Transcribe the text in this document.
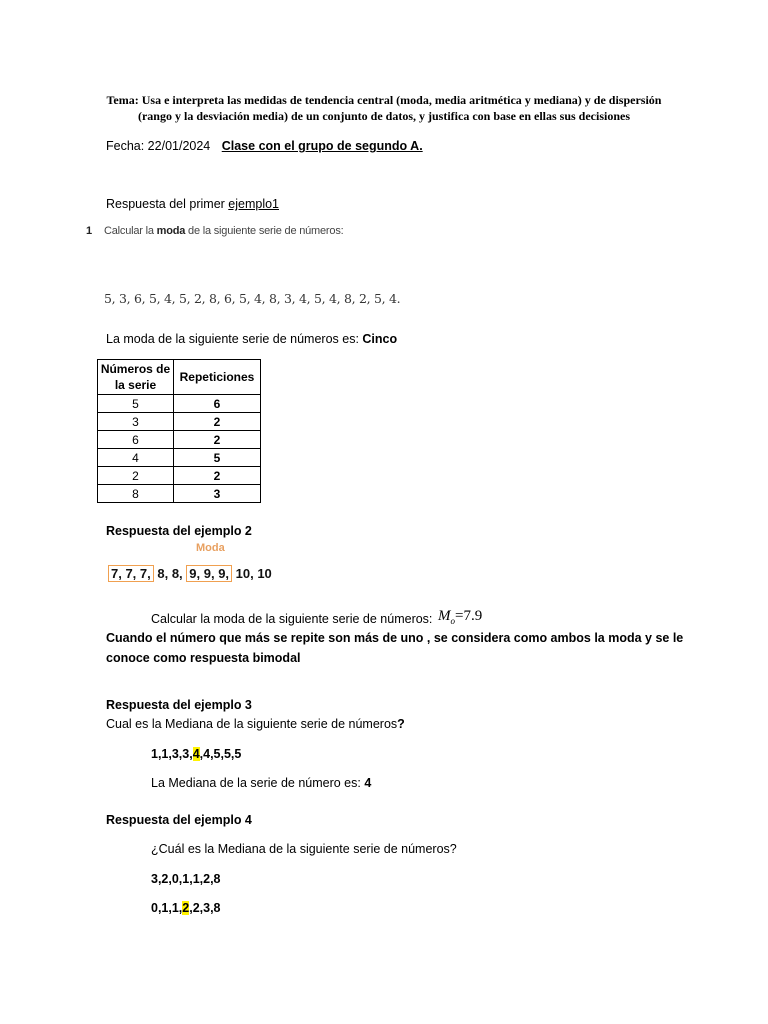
Tema: Usa e interpreta las medidas de tendencia central (moda, media aritmética y mediana) y de dispersión (rango y la desviación media) de un conjunto de datos, y justifica con base en ellas sus decisiones
Fecha: 22/01/2024 Clase con el grupo de segundo A.
Respuesta del primer ejemplo1
1 Calcular la moda de la siguiente serie de números:
5, 3, 6, 5, 4, 5, 2, 8, 6, 5, 4, 8, 3, 4, 5, 4, 8, 2, 5, 4.
La moda de la siguiente serie de números es: Cinco
Números de la serie	Repeticiones
5	6
3	2
6	2
4	5
2	2
8	3
Respuesta del ejemplo 2
Moda
7, 7, 7, 8, 8, 9, 9, 9, 10, 10
Calcular la moda de la siguiente serie de números: $M_o=7.9$
Cuando el número que más se repite son más de uno , se considera como ambos la moda y se le
conoce como respuesta bimodal
Respuesta del ejemplo 3
Cual es la Mediana de la siguiente serie de números?
1,1,3,3,4,4,5,5,5
La Mediana de la serie de número es: 4
Respuesta del ejemplo 4
¿Cuál es la Mediana de la siguiente serie de números?
3,2,0,1,1,2,8
0,1,1,2,2,3,8
